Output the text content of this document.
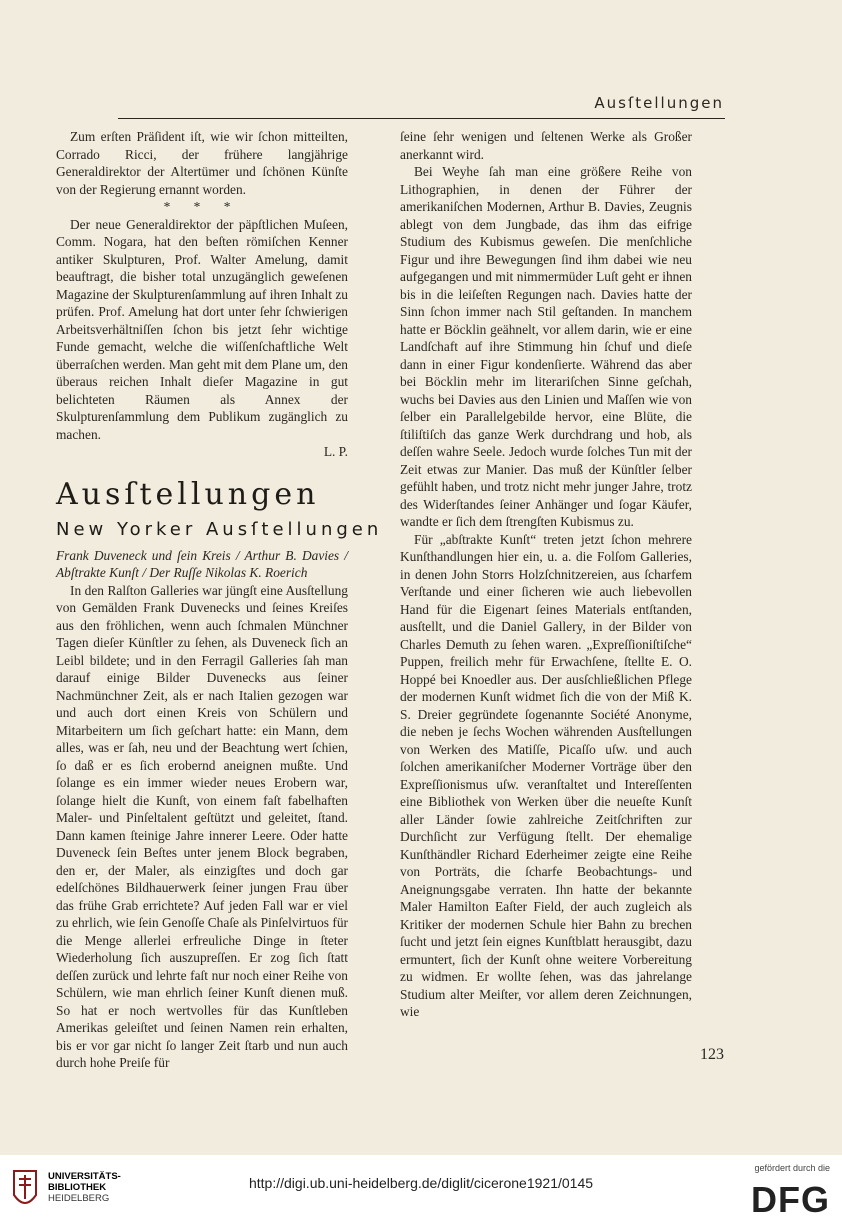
Ausſtellungen

Zum erſten Präſident iſt, wie wir ſchon mitteilten, Corrado Ricci, der frühere langjährige Generaldirektor der Altertümer und ſchönen Künſte von der Regierung ernannt worden.

* * *

Der neue Generaldirektor der päpſtlichen Muſeen, Comm. Nogara, hat den beſten römiſchen Kenner antiker Skulpturen, Prof. Walter Amelung, damit beauftragt, die bisher total unzugänglich geweſenen Magazine der Skulpturenſammlung auf ihren Inhalt zu prüfen. Prof. Amelung hat dort unter ſehr ſchwierigen Arbeitsverhältniſſen ſchon bis jetzt ſehr wichtige Funde gemacht, welche die wiſſenſchaftliche Welt überraſchen werden. Man geht mit dem Plane um, den überaus reichen Inhalt dieſer Magazine in gut belichteten Räumen als Annex der Skulpturenſammlung dem Publikum zugänglich zu machen.

L. P.
Ausſtellungen
New Yorker Ausſtellungen

Frank Duveneck und ſein Kreis / Arthur B. Davies / Abſtrakte Kunſt / Der Ruſſe Nikolas K. Roerich

In den Ralſton Galleries war jüngſt eine Ausſtellung von Gemälden Frank Duvenecks und ſeines Kreiſes aus den fröhlichen, wenn auch ſchmalen Münchner Tagen dieſer Künſtler zu ſehen, als Duveneck ſich an Leibl bildete; und in den Ferragil Galleries ſah man darauf einige Bilder Duvenecks aus ſeiner Nachmünchner Zeit, als er nach Italien gezogen war und auch dort einen Kreis von Schülern und Mitarbeitern um ſich geſchart hatte: ein Mann, dem alles, was er ſah, neu und der Beachtung wert ſchien, ſo daß er es ſich erobernd aneignen mußte. Und ſolange es ein immer wieder neues Erobern war, ſolange hielt die Kunſt, von einem faſt fabelhaften Maler- und Pinſeltalent geſtützt und geleitet, ſtand. Dann kamen ſteinige Jahre innerer Leere. Oder hatte Duveneck ſein Beſtes unter jenem Block begraben, den er, der Maler, als einzigſtes und doch gar edelſchönes Bildhauerwerk ſeiner jungen Frau über das frühe Grab errichtete? Auf jeden Fall war er viel zu ehrlich, wie ſein Genoſſe Chaſe als Pinſelvirtuos für die Menge allerlei erfreuliche Dinge in ſteter Wiederholung ſich auszupreſſen. Er zog ſich ſtatt deſſen zurück und lehrte faſt nur noch einer Reihe von Schülern, wie man ehrlich ſeiner Kunſt dienen muß. So hat er noch wertvolles für das Kunſtleben Amerikas geleiſtet und ſeinen Namen rein erhalten, bis er vor gar nicht ſo langer Zeit ſtarb und nun auch durch hohe Preiſe für

ſeine ſehr wenigen und ſeltenen Werke als Großer anerkannt wird.

Bei Weyhe ſah man eine größere Reihe von Lithographien, in denen der Führer der amerikaniſchen Modernen, Arthur B. Davies, Zeugnis ablegt von dem Jungbade, das ihm das eifrige Studium des Kubismus geweſen. Die menſchliche Figur und ihre Bewegungen ſind ihm dabei wie neu aufgegangen und mit nimmermüder Luſt geht er ihnen bis in die leiſeſten Regungen nach. Davies hatte der Sinn ſchon immer nach Stil geſtanden. In manchem hatte er Böcklin geähnelt, vor allem darin, wie er eine Landſchaft auf ihre Stimmung hin ſchuf und dieſe dann in einer Figur kondenſierte. Während das aber bei Böcklin mehr im literariſchen Sinne geſchah, wuchs bei Davies aus den Linien und Maſſen wie von ſelber ein Parallelgebilde hervor, eine Blüte, die ſtiliſtiſch das ganze Werk durchdrang und hob, als deſſen wahre Seele. Jedoch wurde ſolches Tun mit der Zeit etwas zur Manier. Das muß der Künſtler ſelber gefühlt haben, und trotz nicht mehr junger Jahre, trotz des Widerſtandes ſeiner Anhänger und ſogar Käufer, wandte er ſich dem ſtrengſten Kubismus zu.

Für „abſtrakte Kunſt“ treten jetzt ſchon mehrere Kunſthandlungen hier ein, u. a. die Folſom Galleries, in denen John Storrs Holzſchnitzereien, aus ſcharfem Verſtande und einer ſicheren wie auch liebevollen Hand für die Eigenart ſeines Materials entſtanden, ausſtellt, und die Daniel Gallery, in der Bilder von Charles Demuth zu ſehen waren. „Expreſſioniſtiſche“ Puppen, freilich mehr für Erwachſene, ſtellte E. O. Hoppé bei Knoedler aus. Der ausſchließlichen Pflege der modernen Kunſt widmet ſich die von der Miß K. S. Dreier gegründete ſogenannte Société Anonyme, die neben je ſechs Wochen währenden Ausſtellungen von Werken des Matiſſe, Picaſſo uſw. und auch ſolchen amerikaniſcher Moderner Vorträge über den Expreſſionismus uſw. veranſtaltet und Intereſſenten eine Bibliothek von Werken über die neueſte Kunſt aller Länder ſowie zahlreiche Zeitſchriften zur Durchſicht zur Verfügung ſtellt. Der ehemalige Kunſthändler Richard Ederheimer zeigte eine Reihe von Porträts, die ſcharfe Beobachtungs- und Aneignungsgabe verraten. Ihn hatte der bekannte Maler Hamilton Eaſter Field, der auch zugleich als Kritiker der modernen Schule hier Bahn zu brechen ſucht und jetzt ſein eignes Kunſtblatt herausgibt, dazu ermuntert, ſich der Kunſt ohne weitere Vorbereitung zu widmen. Er wollte ſehen, was das jahrelange Studium alter Meiſter, vor allem deren Zeichnungen, wie

123
UNIVERSITÄTS-
BIBLIOTHEK
HEIDELBERG
http://digi.ub.uni-heidelberg.de/diglit/cicerone1921/0145
gefördert durch die
DFG
